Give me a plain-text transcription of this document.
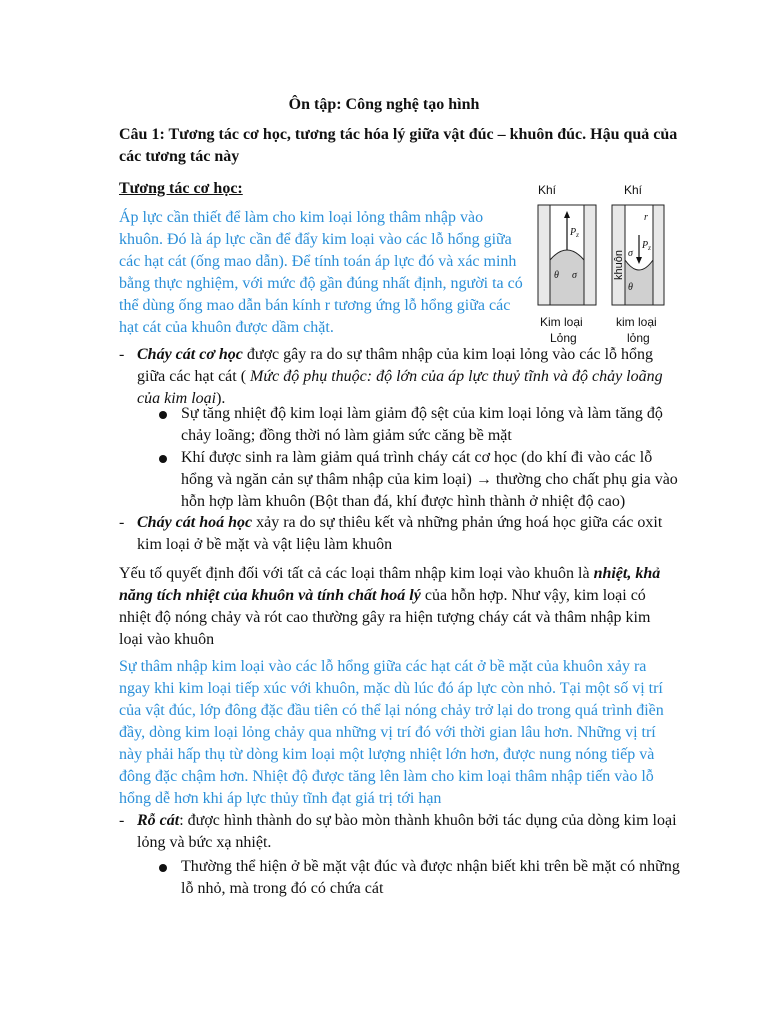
Ôn tập: Công nghệ tạo hình
Câu 1: Tương tác cơ học, tương tác hóa lý giữa vật đúc – khuôn đúc. Hậu quả của các tương tác này
Tương tác cơ học:
Áp lực cần thiết để làm cho kim loại lỏng thâm nhập vào khuôn. Đó là áp lực cần để đẩy kim loại vào các lỗ hổng giữa các hạt cát (ống mao dẫn). Để tính toán áp lực đó và xác minh bằng thực nghiệm, với mức độ gần đúng nhất định, người ta có thể dùng ống mao dẫn bán kính r tương ứng lỗ hổng giữa các hạt cát của khuôn được dầm chặt.
Khí	Khí
$P_z$
σ
θ
r
$P_z$
σ
θ
khuôn
Kim loại
Lỏng
kim loại
lỏng
- Cháy cát cơ học được gây ra do sự thâm nhập của kim loại lỏng vào các lỗ hổng giữa các hạt cát ( Mức độ phụ thuộc: độ lớn của áp lực thuỷ tĩnh và độ chảy loãng của kim loại).
Sự tăng nhiệt độ kim loại làm giảm độ sệt của kim loại lỏng và làm tăng độ chảy loãng; đồng thời nó làm giảm sức căng bề mặt
Khí được sinh ra làm giảm quá trình cháy cát cơ học (do khí đi vào các lỗ hổng và ngăn cản sự thâm nhập của kim loại) → thường cho chất phụ gia vào hỗn hợp làm khuôn (Bột than đá, khí được hình thành ở nhiệt độ cao)
- Cháy cát hoá học xảy ra do sự thiêu kết và những phản ứng hoá học giữa các oxit kim loại ở bề mặt và vật liệu làm khuôn
Yếu tố quyết định đối với tất cả các loại thâm nhập kim loại vào khuôn là nhiệt, khả năng tích nhiệt của khuôn và tính chất hoá lý của hỗn hợp. Như vậy, kim loại có nhiệt độ nóng chảy và rót cao thường gây ra hiện tượng cháy cát và thâm nhập kim loại vào khuôn
Sự thâm nhập kim loại vào các lỗ hổng giữa các hạt cát ở bề mặt của khuôn xảy ra ngay khi kim loại tiếp xúc với khuôn, mặc dù lúc đó áp lực còn nhỏ. Tại một số vị trí của vật đúc, lớp đông đặc đầu tiên có thể lại nóng chảy trở lại do trong quá trình điền đầy, dòng kim loại lỏng chảy qua những vị trí đó với thời gian lâu hơn. Những vị trí này phải hấp thụ từ dòng kim loại một lượng nhiệt lớn hơn, được nung nóng tiếp và đông đặc chậm hơn. Nhiệt độ được tăng lên làm cho kim loại thâm nhập tiến vào lỗ hổng dễ hơn khi áp lực thủy tĩnh đạt giá trị tới hạn
- Rỗ cát: được hình thành do sự bào mòn thành khuôn bởi tác dụng của dòng kim loại lỏng và bức xạ nhiệt.
Thường thể hiện ở bề mặt vật đúc và được nhận biết khi trên bề mặt có những lỗ nhỏ, mà trong đó có chứa cát
